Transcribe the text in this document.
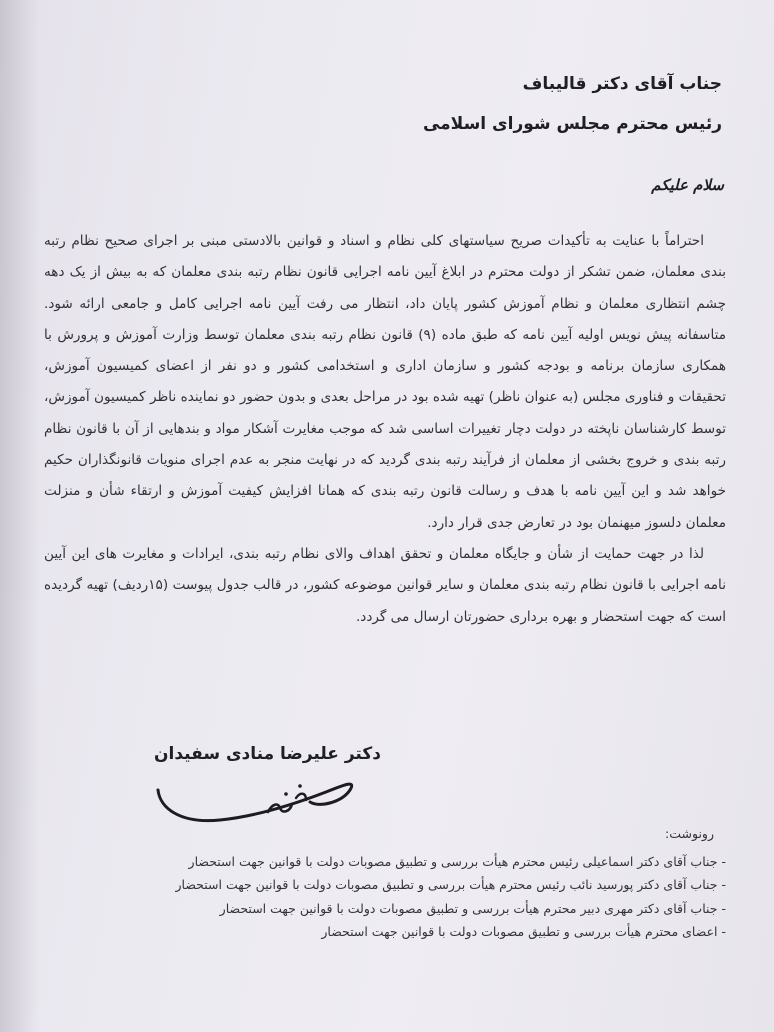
جناب آقای دکتر قالیباف
رئیس محترم مجلس شورای اسلامی
سلام علیکم

احتراماً با عنایت به تأکیدات صریح سیاستهای کلی نظام و اسناد و قوانین بالادستی مبنی بر اجرای صحیح نظام رتبه بندی معلمان، ضمن تشکر از دولت محترم در ابلاغ آیین نامه اجرایی قانون نظام رتبه بندی معلمان که به بیش از یک دهه چشم انتظاری معلمان و نظام آموزش کشور پایان داد، انتظار می رفت آیین نامه اجرایی کامل و جامعی ارائه شود. متاسفانه پیش نویس اولیه آیین نامه که طبق ماده (۹) قانون نظام رتبه بندی معلمان توسط وزارت آموزش و پرورش با همکاری سازمان برنامه و بودجه کشور و سازمان اداری و استخدامی کشور و دو نفر از اعضای کمیسیون آموزش، تحقیقات و فناوری مجلس (به عنوان ناظر) تهیه شده بود در مراحل بعدی و بدون حضور دو نماینده ناظر کمیسیون آموزش، توسط کارشناسان ناپخته در دولت دچار تغییرات اساسی شد که موجب مغایرت آشکار مواد و بندهایی از آن با قانون نظام رتبه بندی و خروج بخشی از معلمان از فرآیند رتبه بندی گردید که در نهایت منجر به عدم اجرای منویات قانونگذاران حکیم خواهد شد و این آیین نامه با هدف و رسالت قانون رتبه بندی که همانا افزایش کیفیت آموزش و ارتقاء شأن و منزلت معلمان دلسوز میهنمان بود در تعارض جدی قرار دارد.

لذا در جهت حمایت از شأن و جایگاه معلمان و تحقق اهداف والای نظام رتبه بندی، ایرادات و مغایرت های این آیین نامه اجرایی با قانون نظام رتبه بندی معلمان و سایر قوانین موضوعه کشور، در قالب جدول پیوست (۱۵ردیف) تهیه گردیده است که جهت استحضار و بهره برداری حضورتان ارسال می گردد.

دکتر علیرضا منادی سفیدان
رونوشت:
- جناب آقای دکتر اسماعیلی رئیس محترم هیأت بررسی و تطبیق مصوبات دولت با قوانین جهت استحضار
- جناب آقای دکتر پورسید نائب رئیس محترم هیأت بررسی و تطبیق مصوبات دولت با قوانین جهت استحضار
- جناب آقای دکتر مهری دبیر محترم هیأت بررسی و تطبیق مصوبات دولت با قوانین جهت استحضار
- اعضای محترم هیأت بررسی و تطبیق مصوبات دولت با قوانین جهت استحضار
